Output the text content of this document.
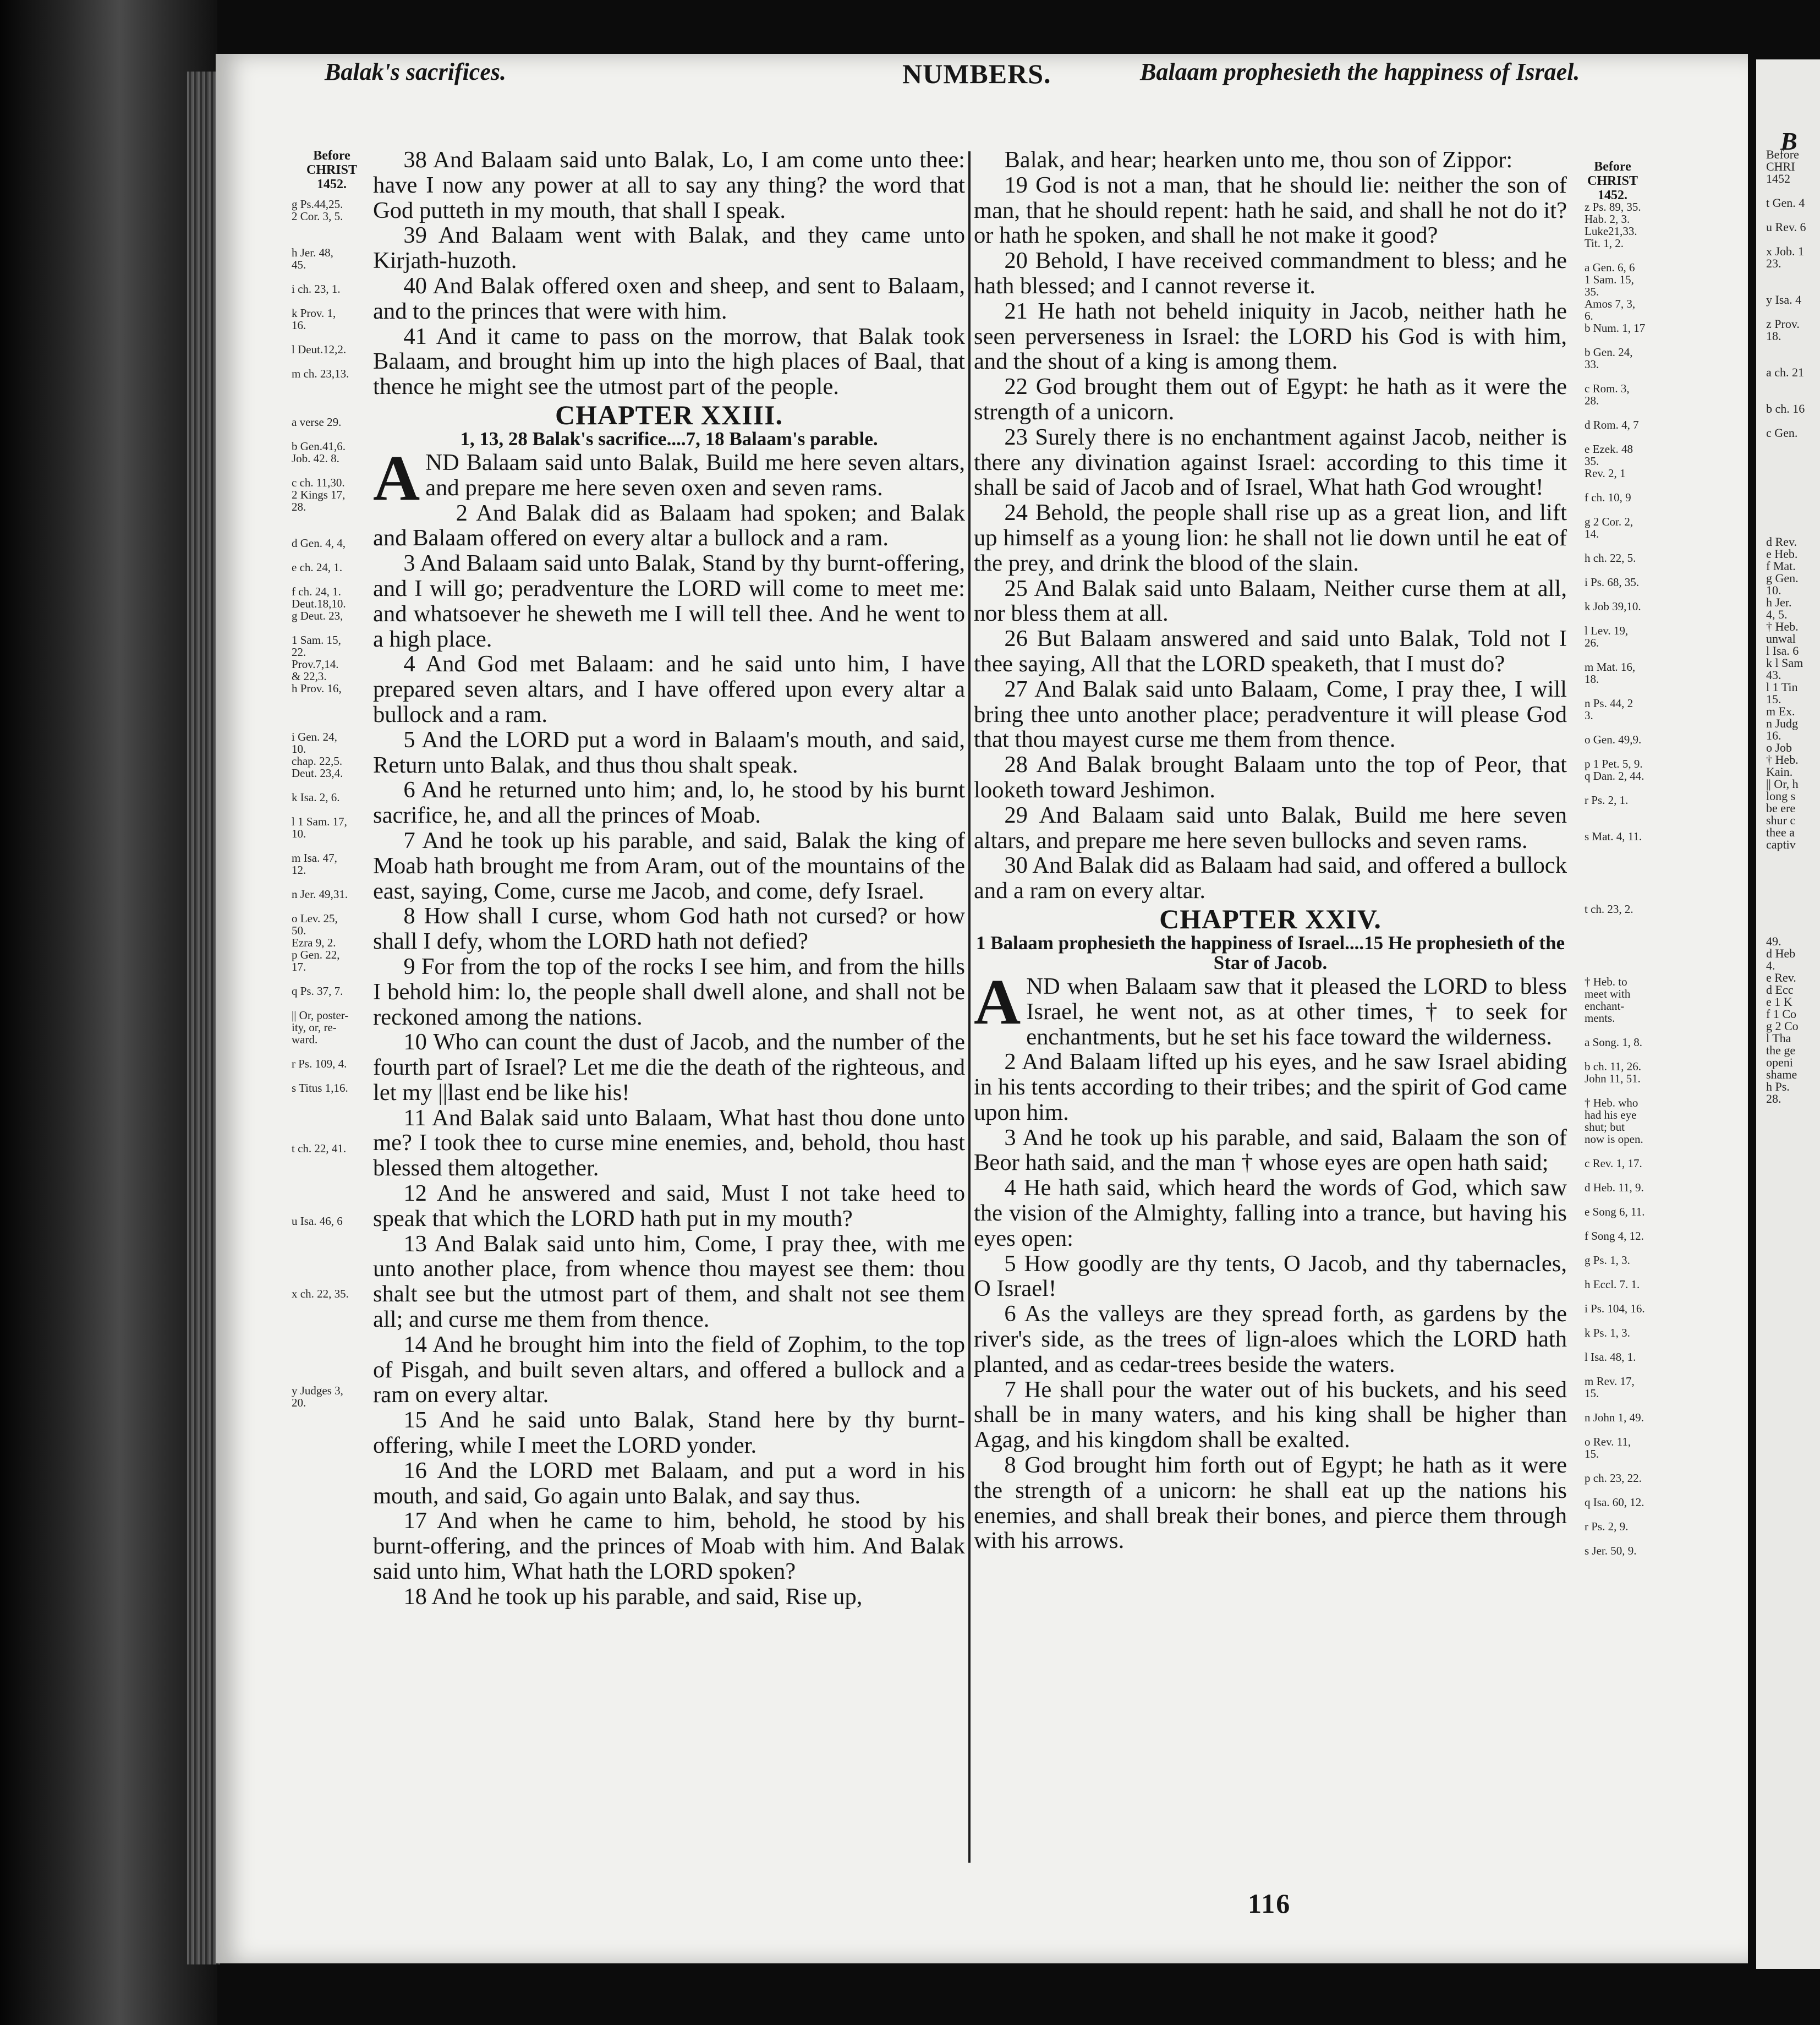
Balak's sacrifices.	NUMBERS.	Balaam prophesieth the happiness of Israel.
B
Before
CHRIST
1452.
Before
CHRIST
1452.
g Ps.44,25.
2 Cor. 3, 5.

h Jer. 48,
45.

i ch. 23, 1.

k Prov. 1,
16.

l Deut.12,2.

m ch. 23,13.

a verse 29.

b Gen.41,6.
Job. 42. 8.

c ch. 11,30.
2 Kings 17,
28.

d Gen. 4, 4,

e ch. 24, 1.

f ch. 24, 1.
Deut.18,10.
g Deut. 23,

1 Sam. 15,
22.
Prov.7,14.
& 22,3.
h Prov. 16,

i Gen. 24,
10.
chap. 22,5.
Deut. 23,4.

k Isa. 2, 6.

l 1 Sam. 17,
10.

m Isa. 47,
12.

n Jer. 49,31.

o Lev. 25,
50.
Ezra 9, 2.
p Gen. 22,
17.

q Ps. 37, 7.

|| Or, poster-
ity, or, re-
ward.

r Ps. 109, 4.

s Titus 1,16.

t ch. 22, 41.

u Isa. 46, 6

x ch. 22, 35.

y Judges 3,
20.
z Ps. 89, 35.
Hab. 2, 3.
Luke21,33.
Tit. 1, 2.

a Gen. 6, 6
1 Sam. 15,
35.
Amos 7, 3,
6.
b Num. 1, 17

b Gen. 24,
33.

c Rom. 3,
28.

d Rom. 4, 7

e Ezek. 48
35.
Rev. 2, 1

f ch. 10, 9

g 2 Cor. 2,
14.

h ch. 22, 5.

i Ps. 68, 35.

k Job 39,10.

l Lev. 19,
26.

m Mat. 16,
18.

n Ps. 44, 2
3.

o Gen. 49,9.

p 1 Pet. 5, 9.
q Dan. 2, 44.

r Ps. 2, 1.

s Mat. 4, 11.

t ch. 23, 2.

† Heb. to
meet with
enchant-
ments.

a Song. 1, 8.

b ch. 11, 26.
John 11, 51.

† Heb. who
had his eye
shut; but
now is open.

c Rev. 1, 17.

d Heb. 11, 9.

e Song 6, 11.

f Song 4, 12.

g Ps. 1, 3.

h Eccl. 7. 1.

i Ps. 104, 16.

k Ps. 1, 3.

l Isa. 48, 1.

m Rev. 17,
15.

n John 1, 49.

o Rev. 11,
15.

p ch. 23, 22.

q Isa. 60, 12.

r Ps. 2, 9.

s Jer. 50, 9.
Before
CHRI
1452

t Gen. 4

u Rev. 6

x Job. 1
23.

y Isa. 4

z Prov.
18.

a ch. 21

b ch. 16

c Gen.

d Rev.
e Heb.
f Mat.
g Gen.
10.
h Jer.
4, 5.
† Heb.
unwal
l Isa. 6
k l Sam
43.
l 1 Tin
15.
m Ex.
n Judg
16.
o Job
† Heb.
Kain.
|| Or, h
long s
be ere
shur c
thee a
captiv

49.
d Heb
4.
e Rev.
d Ecc
e 1 K
f 1 Co
g 2 Co
l Tha
the ge
openi
shame
h Ps.
28.

38 And Balaam said unto Balak, Lo, I am come unto thee: have I now any power at all to say any thing? the word that God putteth in my mouth, that shall I speak.

39 And Balaam went with Balak, and they came unto Kirjath-huzoth.

40 And Balak offered oxen and sheep, and sent to Balaam, and to the princes that were with him.

41 And it came to pass on the morrow, that Balak took Balaam, and brought him up into the high places of Baal, that thence he might see the utmost part of the people.

CHAPTER XXIII.
1, 13, 28 Balak's sacrifice....7, 18 Balaam's parable.

AND Balaam said unto Balak, Build me here seven altars, and prepare me here seven oxen and seven rams.

2 And Balak did as Balaam had spoken; and Balak and Balaam offered on every altar a bullock and a ram.

3 And Balaam said unto Balak, Stand by thy burnt-offering, and I will go; peradventure the LORD will come to meet me: and whatsoever he sheweth me I will tell thee. And he went to a high place.

4 And God met Balaam: and he said unto him, I have prepared seven altars, and I have offered upon every altar a bullock and a ram.

5 And the LORD put a word in Balaam's mouth, and said, Return unto Balak, and thus thou shalt speak.

6 And he returned unto him; and, lo, he stood by his burnt sacrifice, he, and all the princes of Moab.

7 And he took up his parable, and said, Balak the king of Moab hath brought me from Aram, out of the mountains of the east, saying, Come, curse me Jacob, and come, defy Israel.

8 How shall I curse, whom God hath not cursed? or how shall I defy, whom the LORD hath not defied?

9 For from the top of the rocks I see him, and from the hills I behold him: lo, the people shall dwell alone, and shall not be reckoned among the nations.

10 Who can count the dust of Jacob, and the number of the fourth part of Israel? Let me die the death of the righteous, and let my ||last end be like his!

11 And Balak said unto Balaam, What hast thou done unto me? I took thee to curse mine enemies, and, behold, thou hast blessed them altogether.

12 And he answered and said, Must I not take heed to speak that which the LORD hath put in my mouth?

13 And Balak said unto him, Come, I pray thee, with me unto another place, from whence thou mayest see them: thou shalt see but the utmost part of them, and shalt not see them all; and curse me them from thence.

14 And he brought him into the field of Zophim, to the top of Pisgah, and built seven altars, and offered a bullock and a ram on every altar.

15 And he said unto Balak, Stand here by thy burnt-offering, while I meet the LORD yonder.

16 And the LORD met Balaam, and put a word in his mouth, and said, Go again unto Balak, and say thus.

17 And when he came to him, behold, he stood by his burnt-offering, and the princes of Moab with him. And Balak said unto him, What hath the LORD spoken?

18 And he took up his parable, and said, Rise up,

Balak, and hear; hearken unto me, thou son of Zippor:

19 God is not a man, that he should lie: neither the son of man, that he should repent: hath he said, and shall he not do it? or hath he spoken, and shall he not make it good?

20 Behold, I have received commandment to bless; and he hath blessed; and I cannot reverse it.

21 He hath not beheld iniquity in Jacob, neither hath he seen perverseness in Israel: the LORD his God is with him, and the shout of a king is among them.

22 God brought them out of Egypt: he hath as it were the strength of a unicorn.

23 Surely there is no enchantment against Jacob, neither is there any divination against Israel: according to this time it shall be said of Jacob and of Israel, What hath God wrought!

24 Behold, the people shall rise up as a great lion, and lift up himself as a young lion: he shall not lie down until he eat of the prey, and drink the blood of the slain.

25 And Balak said unto Balaam, Neither curse them at all, nor bless them at all.

26 But Balaam answered and said unto Balak, Told not I thee saying, All that the LORD speaketh, that I must do?

27 And Balak said unto Balaam, Come, I pray thee, I will bring thee unto another place; peradventure it will please God that thou mayest curse me them from thence.

28 And Balak brought Balaam unto the top of Peor, that looketh toward Jeshimon.

29 And Balaam said unto Balak, Build me here seven altars, and prepare me here seven bullocks and seven rams.

30 And Balak did as Balaam had said, and offered a bullock and a ram on every altar.

CHAPTER XXIV.
1 Balaam prophesieth the happiness of Israel....15 He prophesieth of the Star of Jacob.

AND when Balaam saw that it pleased the LORD to bless Israel, he went not, as at other times, † to seek for enchantments, but he set his face toward the wilderness.

2 And Balaam lifted up his eyes, and he saw Israel abiding in his tents according to their tribes; and the spirit of God came upon him.

3 And he took up his parable, and said, Balaam the son of Beor hath said, and the man † whose eyes are open hath said;

4 He hath said, which heard the words of God, which saw the vision of the Almighty, falling into a trance, but having his eyes open:

5 How goodly are thy tents, O Jacob, and thy tabernacles, O Israel!

6 As the valleys are they spread forth, as gardens by the river's side, as the trees of lign-aloes which the LORD hath planted, and as cedar-trees beside the waters.

7 He shall pour the water out of his buckets, and his seed shall be in many waters, and his king shall be higher than Agag, and his kingdom shall be exalted.

8 God brought him forth out of Egypt; he hath as it were the strength of a unicorn: he shall eat up the nations his enemies, and shall break their bones, and pierce them through with his arrows.

116
